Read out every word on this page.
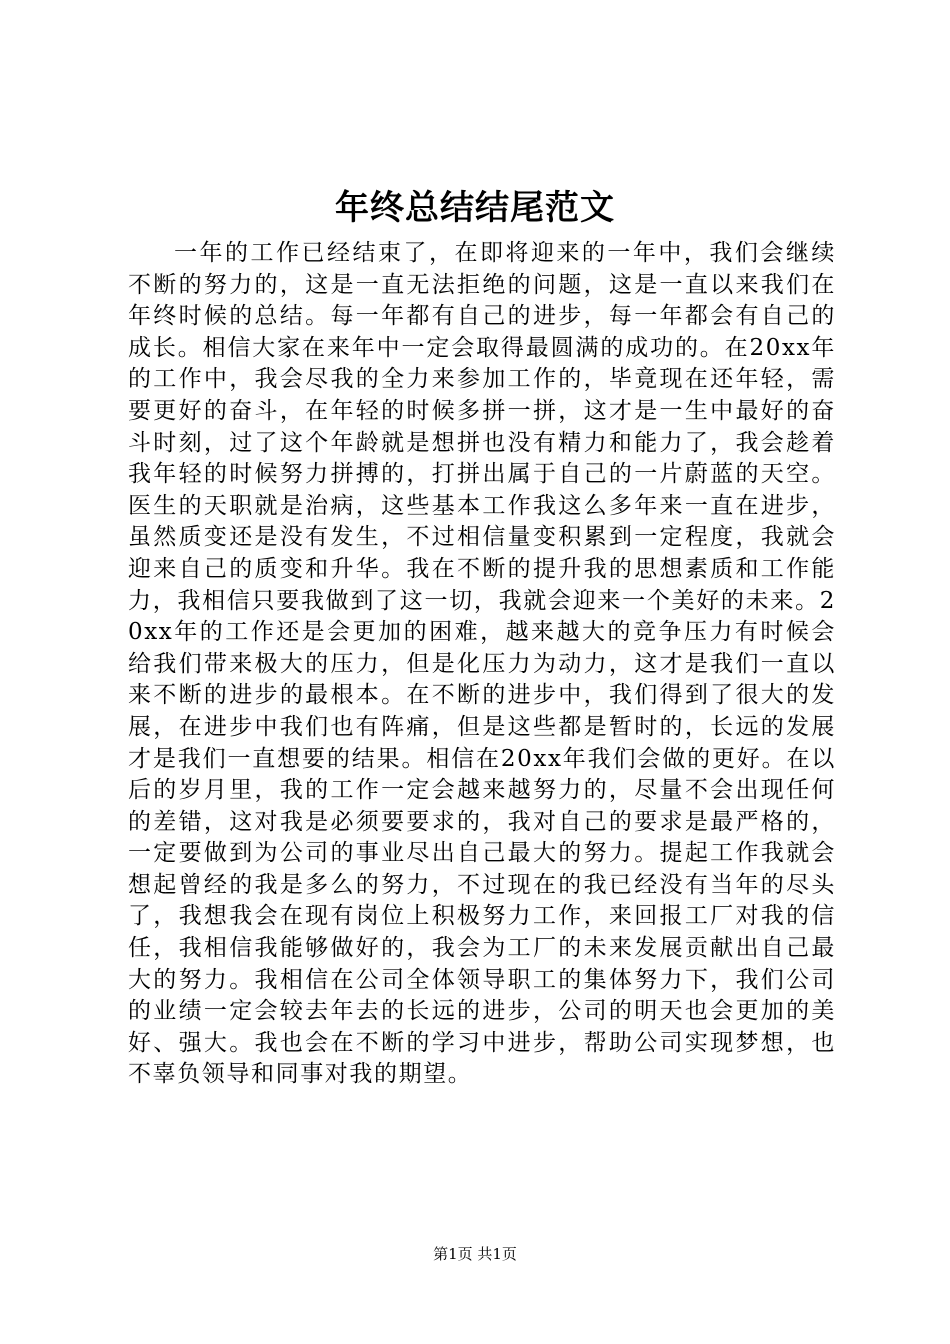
年终总结结尾范文

一年的工作已经结束了，在即将迎来的一年中，我们会继续不断的努力的，这是一直无法拒绝的问题，这是一直以来我们在年终时候的总结。每一年都有自己的进步，每一年都会有自己的成长。相信大家在来年中一定会取得最圆满的成功的。在20xx年的工作中，我会尽我的全力来参加工作的，毕竟现在还年轻，需要更好的奋斗，在年轻的时候多拼一拼，这才是一生中最好的奋斗时刻，过了这个年龄就是想拼也没有精力和能力了，我会趁着我年轻的时候努力拼搏的，打拼出属于自己的一片蔚蓝的天空。医生的天职就是治病，这些基本工作我这么多年来一直在进步，虽然质变还是没有发生，不过相信量变积累到一定程度，我就会迎来自己的质变和升华。我在不断的提升我的思想素质和工作能力，我相信只要我做到了这一切，我就会迎来一个美好的未来。20xx年的工作还是会更加的困难，越来越大的竞争压力有时候会给我们带来极大的压力，但是化压力为动力，这才是我们一直以来不断的进步的最根本。在不断的进步中，我们得到了很大的发展，在进步中我们也有阵痛，但是这些都是暂时的，长远的发展才是我们一直想要的结果。相信在20xx年我们会做的更好。在以后的岁月里，我的工作一定会越来越努力的，尽量不会出现任何的差错，这对我是必须要要求的，我对自己的要求是最严格的，一定要做到为公司的事业尽出自己最大的努力。提起工作我就会想起曾经的我是多么的努力，不过现在的我已经没有当年的尽头了，我想我会在现有岗位上积极努力工作，来回报工厂对我的信任，我相信我能够做好的，我会为工厂的未来发展贡献出自己最大的努力。我相信在公司全体领导职工的集体努力下，我们公司的业绩一定会较去年去的长远的进步，公司的明天也会更加的美好、强大。我也会在不断的学习中进步，帮助公司实现梦想，也不辜负领导和同事对我的期望。

第1页 共1页
